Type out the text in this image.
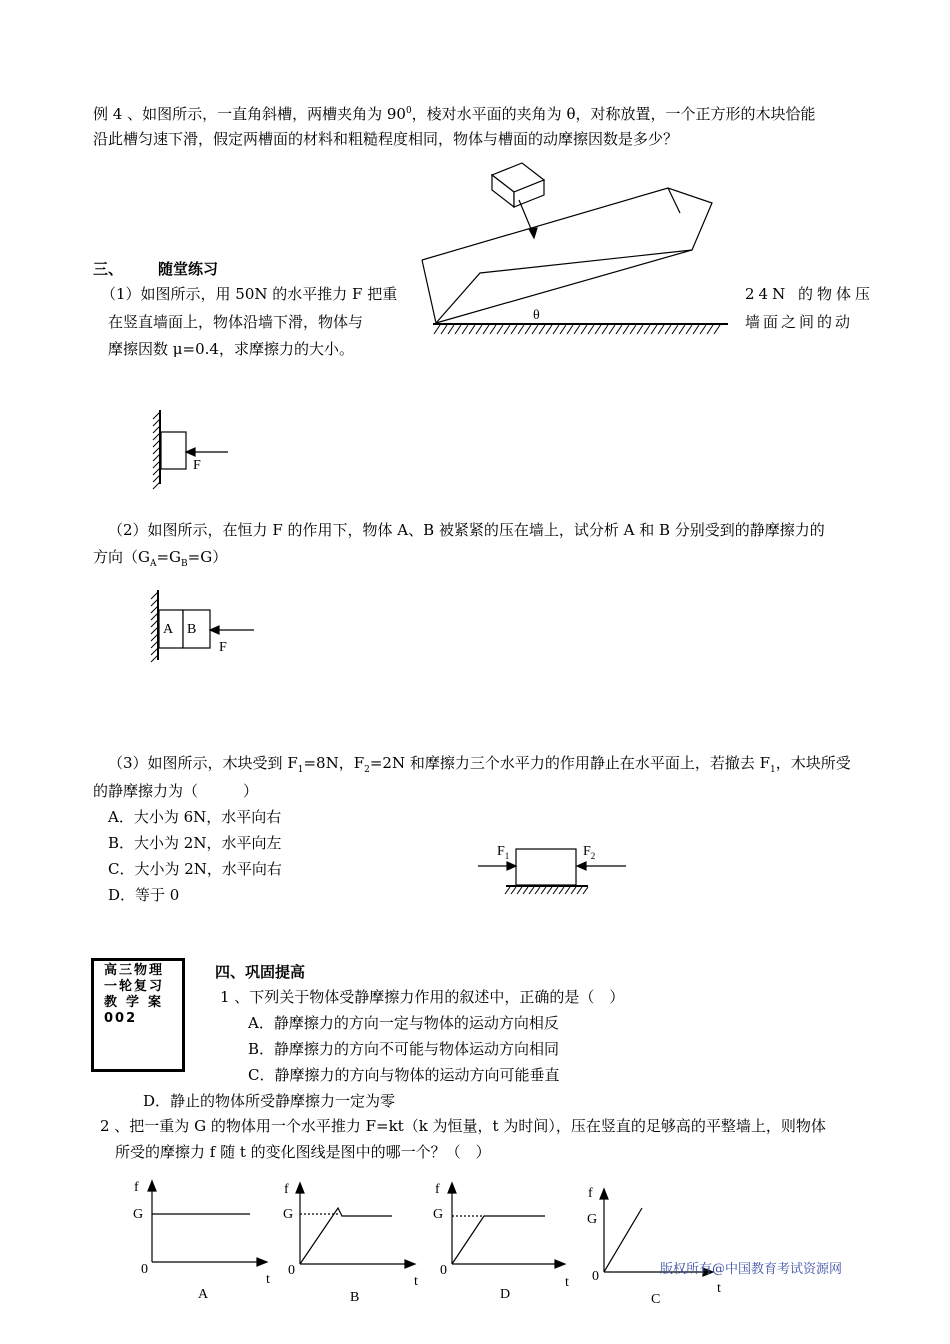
例 4 、如图所示，一直角斜槽，两槽夹角为 $90^0$，棱对水平面的夹角为 θ，对称放置，一个正方形的木块恰能
沿此槽匀速下滑，假定两槽面的材料和粗糙程度相同，物体与槽面的动摩擦因数是多少？
θ
三、 随堂练习
（1）如图所示，用 50N 的水平推力 F 把重	24N 的物体压
在竖直墙面上，物体沿墙下滑，物体与	墙面之间的动
摩擦因数 μ=0.4，求摩擦力的大小。
F
（2）如图所示，在恒力 F 的作用下，物体 A、B 被紧紧的压在墙上，试分析 A 和 B 分别受到的静摩擦力的
方向$(G_A=G_B=G)$
A B
F
（3）如图所示，木块受到 $F_1=8N$，$F_2=2N$ 和摩擦力三个水平力的作用静止在水平面上，若撤去 $F_1$，木块所受
的静摩擦力为（　　　）
A．大小为 6N，水平向右
B．大小为 2N，水平向左
C．大小为 2N，水平向右
D．等于 0
$F_1$	$F_2$
高三物理
一轮复习
教学案
002
四、巩固提高
1 、下列关于物体受静摩擦力作用的叙述中，正确的是（　）
A．静摩擦力的方向一定与物体的运动方向相反
B．静摩擦力的方向不可能与物体运动方向相同
C．静摩擦力的方向与物体的运动方向可能垂直
D．静止的物体所受静摩擦力一定为零
2 、把一重为 G 的物体用一个水平推力 F=kt（k 为恒量，t 为时间），压在竖直的足够高的平整墙上，则物体
所受的摩擦力 f 随 t 的变化图线是图中的哪一个？（　）
f
G
0
t
A
f
G
0
t
B
f
G
0
t
D
f
G
0
t
C
版权所有@中国教育考试资源网
